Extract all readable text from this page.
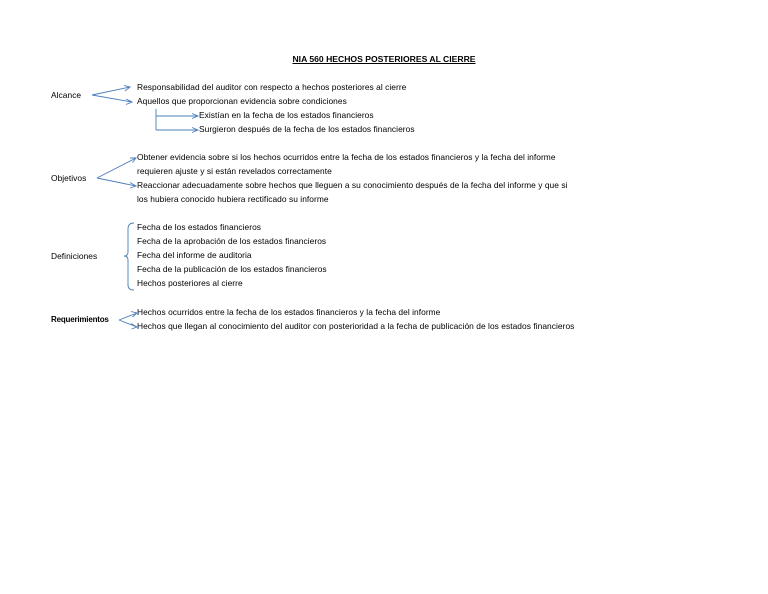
NIA 560 HECHOS POSTERIORES AL CIERRE
Alcance
Responsabilidad del auditor con respecto a hechos posteriores al cierre
Aquellos que proporcionan evidencia sobre condiciones
Existían en la fecha de los estados financieros
Surgieron después de la fecha de los estados financieros
Objetivos
Obtener evidencia sobre si los hechos ocurridos entre la fecha de los estados financieros y la fecha del informe
requieren ajuste y si están revelados correctamente
Reaccionar adecuadamente sobre hechos que lleguen a su conocimiento después de la fecha del informe y que si
los hubiera conocido hubiera rectificado su informe
Definiciones
Fecha de los estados financieros
Fecha de la aprobación de los estados financieros
Fecha del informe de auditoria
Fecha de la publicación de los estados financieros
Hechos posteriores al cierre
Requerimientos
Hechos ocurridos entre la fecha de los estados financieros y la fecha del informe
Hechos que llegan al conocimiento del auditor con posterioridad a la fecha de publicación de los estados financieros
